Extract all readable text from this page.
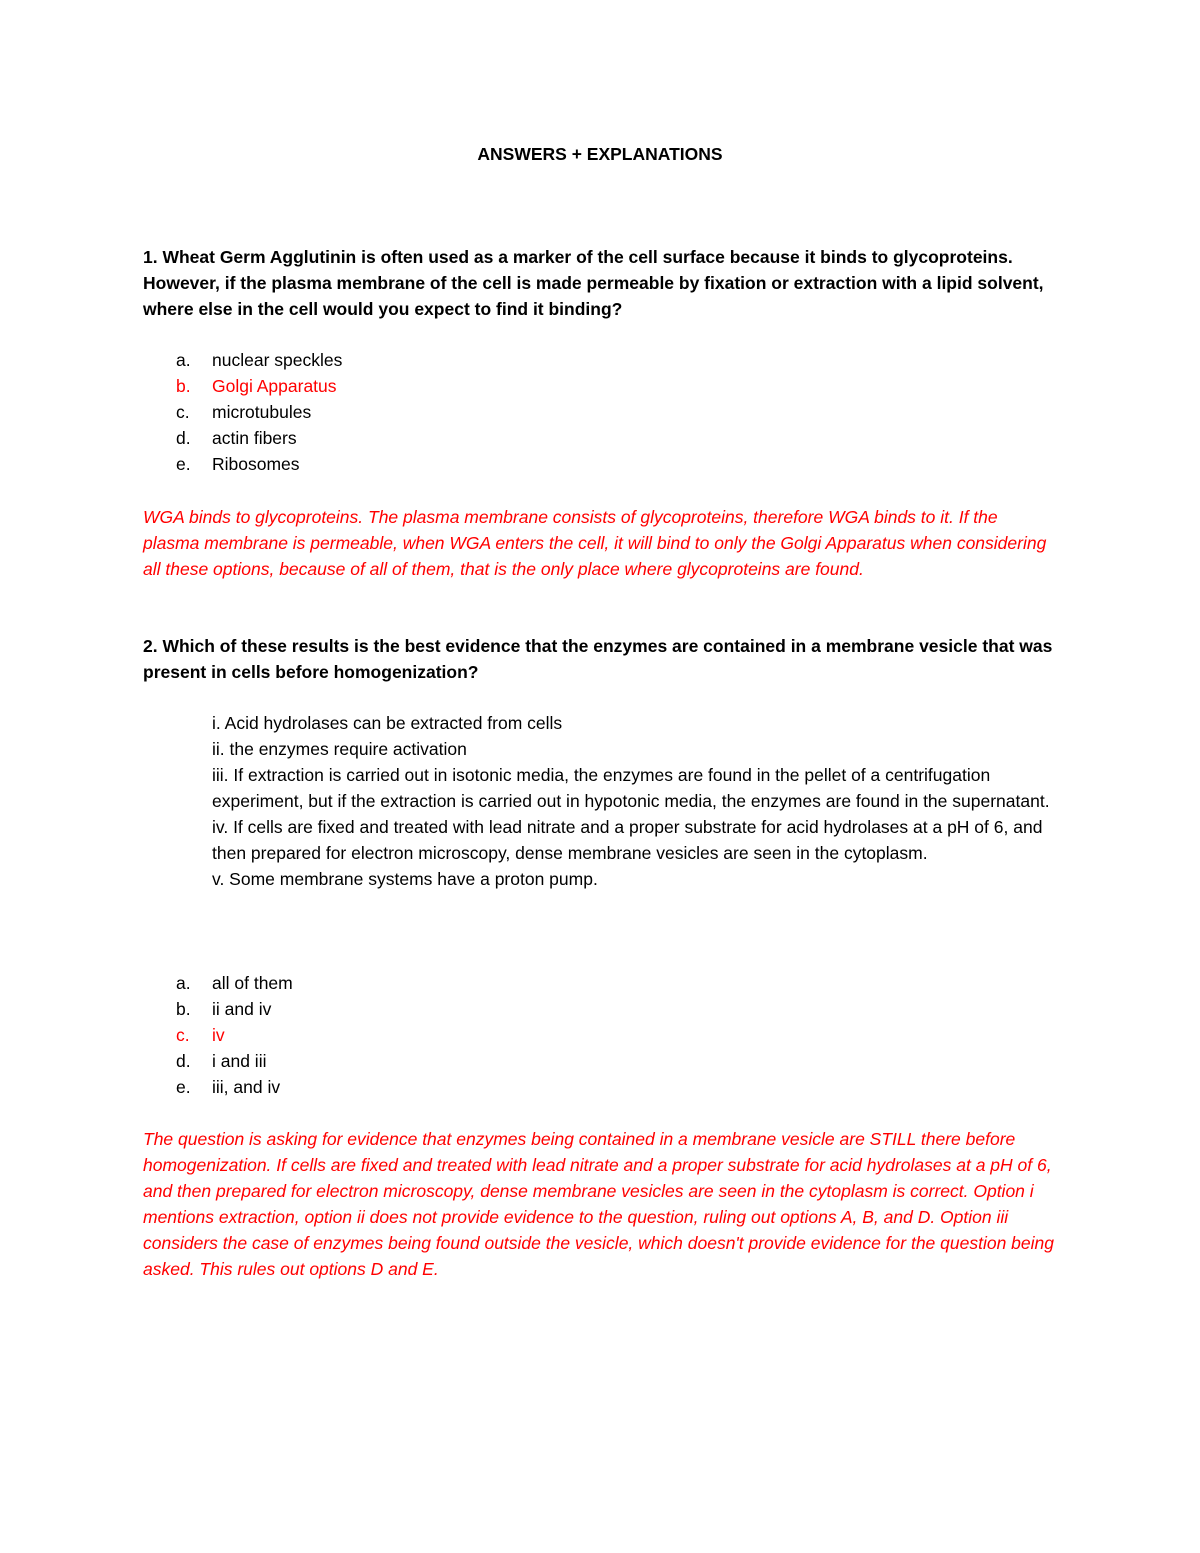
ANSWERS + EXPLANATIONS
1. Wheat Germ Agglutinin is often used as a marker of the cell surface because it binds to glycoproteins. However, if the plasma membrane of the cell is made permeable by fixation or extraction with a lipid solvent, where else in the cell would you expect to find it binding?
a. nuclear speckles
b. Golgi Apparatus
c. microtubules
d. actin fibers
e. Ribosomes
WGA binds to glycoproteins. The plasma membrane consists of glycoproteins, therefore WGA binds to it. If the plasma membrane is permeable, when WGA enters the cell, it will bind to only the Golgi Apparatus when considering all these options, because of all of them, that is the only place where glycoproteins are found.
2. Which of these results is the best evidence that the enzymes are contained in a membrane vesicle that was present in cells before homogenization?
i. Acid hydrolases can be extracted from cells
ii. the enzymes require activation
iii. If extraction is carried out in isotonic media, the enzymes are found in the pellet of a centrifugation experiment, but if the extraction is carried out in hypotonic media, the enzymes are found in the supernatant.
iv. If cells are fixed and treated with lead nitrate and a proper substrate for acid hydrolases at a pH of 6, and then prepared for electron microscopy, dense membrane vesicles are seen in the cytoplasm.
v. Some membrane systems have a proton pump.
a. all of them
b. ii and iv
c. iv
d. i and iii
e. iii, and iv
The question is asking for evidence that enzymes being contained in a membrane vesicle are STILL there before homogenization. If cells are fixed and treated with lead nitrate and a proper substrate for acid hydrolases at a pH of 6, and then prepared for electron microscopy, dense membrane vesicles are seen in the cytoplasm is correct. Option i mentions extraction, option ii does not provide evidence to the question, ruling out options A, B, and D. Option iii considers the case of enzymes being found outside the vesicle, which doesn't provide evidence for the question being asked. This rules out options D and E.
